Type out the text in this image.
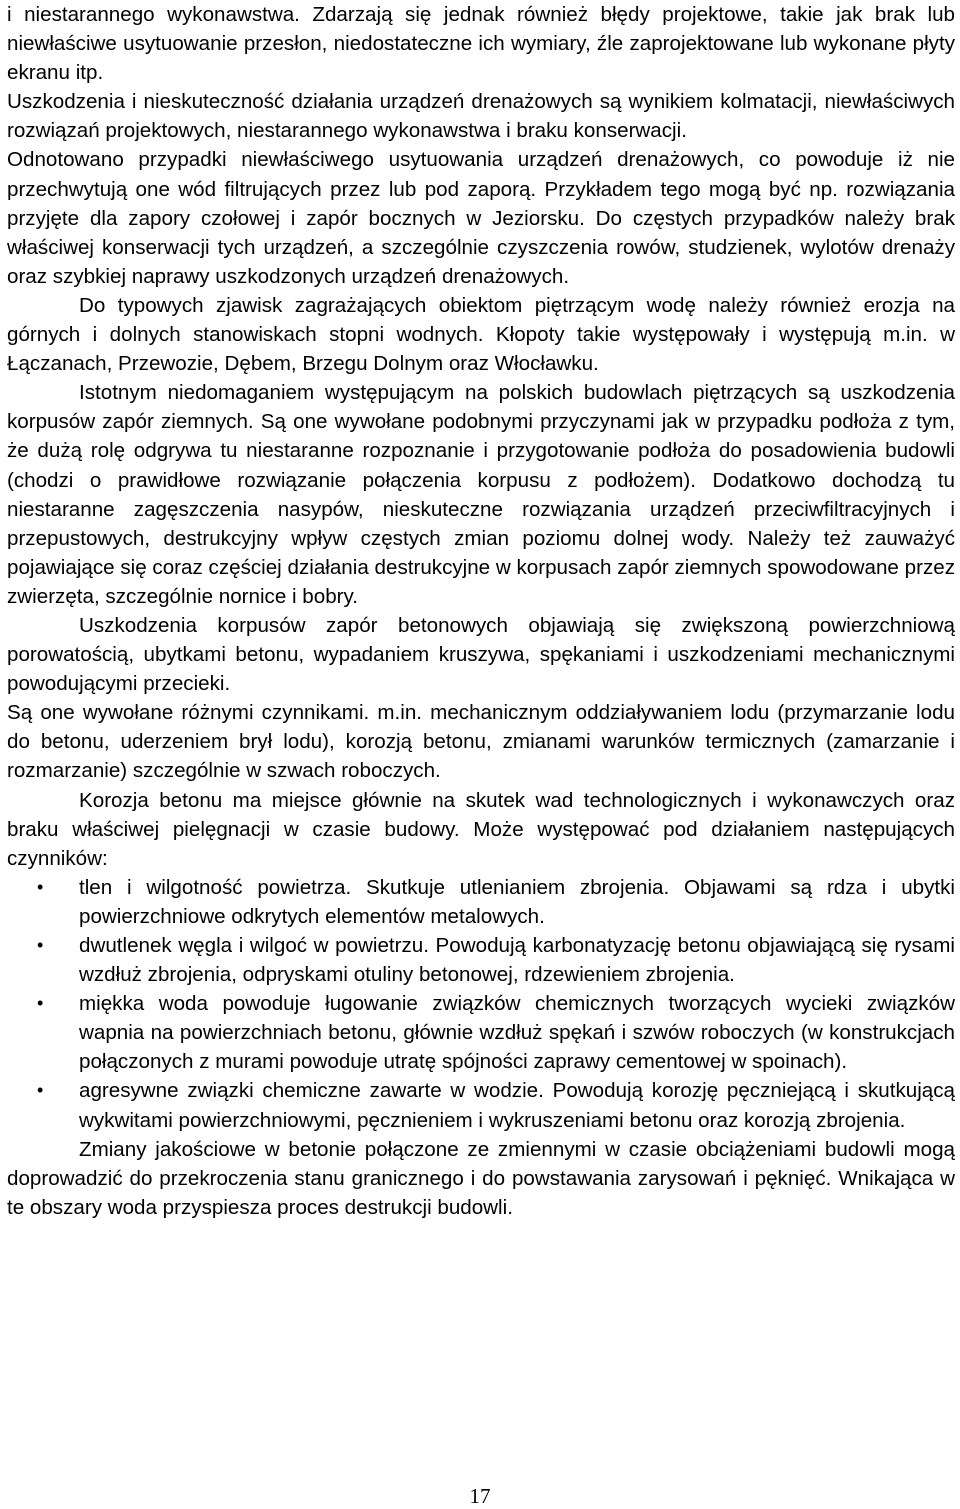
i niestarannego wykonawstwa. Zdarzają się jednak również błędy projektowe, takie jak brak lub niewłaściwe usytuowanie przesłon, niedostateczne ich wymiary, źle zaprojektowane lub wykonane płyty ekranu itp.

Uszkodzenia i nieskuteczność działania urządzeń drenażowych są wynikiem kolmatacji, niewłaściwych rozwiązań projektowych, niestarannego wykonawstwa i braku konserwacji.

Odnotowano przypadki niewłaściwego usytuowania urządzeń drenażowych, co powoduje iż nie przechwytują one wód filtrujących przez lub pod zaporą. Przykładem tego mogą być np. rozwiązania przyjęte dla zapory czołowej i zapór bocznych w Jeziorsku. Do częstych przypadków należy brak właściwej konserwacji tych urządzeń, a szczególnie czyszczenia rowów, studzienek, wylotów drenaży oraz szybkiej naprawy uszkodzonych urządzeń drenażowych.

Do typowych zjawisk zagrażających obiektom piętrzącym wodę należy również erozja na górnych i dolnych stanowiskach stopni wodnych. Kłopoty takie występowały i występują m.in. w Łączanach, Przewozie, Dębem, Brzegu Dolnym oraz Włocławku.

Istotnym niedomaganiem występującym na polskich budowlach piętrzących są uszkodzenia korpusów zapór ziemnych. Są one wywołane podobnymi przyczynami jak w przypadku podłoża z tym, że dużą rolę odgrywa tu niestaranne rozpoznanie i przygotowanie podłoża do posadowienia budowli (chodzi o prawidłowe rozwiązanie połączenia korpusu z podłożem). Dodatkowo dochodzą tu niestaranne zagęszczenia nasypów, nieskuteczne rozwiązania urządzeń przeciwfiltracyjnych i przepustowych, destrukcyjny wpływ częstych zmian poziomu dolnej wody. Należy też zauważyć pojawiające się coraz częściej działania destrukcyjne w korpusach zapór ziemnych spowodowane przez zwierzęta, szczególnie nornice i bobry.

Uszkodzenia korpusów zapór betonowych objawiają się zwiększoną powierzchniową porowatością, ubytkami betonu, wypadaniem kruszywa, spękaniami i uszkodzeniami mechanicznymi powodującymi przecieki.

Są one wywołane różnymi czynnikami. m.in. mechanicznym oddziaływaniem lodu (przymarzanie lodu do betonu, uderzeniem brył lodu), korozją betonu, zmianami warunków termicznych (zamarzanie i rozmarzanie) szczególnie w szwach roboczych.

Korozja betonu ma miejsce głównie na skutek wad technologicznych i wykonawczych oraz braku właściwej pielęgnacji w czasie budowy. Może występować pod działaniem następujących czynników:

•	tlen i wilgotność powietrza. Skutkuje utlenianiem zbrojenia. Objawami są rdza i ubytki powierzchniowe odkrytych elementów metalowych.
•	dwutlenek węgla i wilgoć w powietrzu. Powodują karbonatyzację betonu objawiającą się rysami wzdłuż zbrojenia, odpryskami otuliny betonowej, rdzewieniem zbrojenia.
•	miękka woda powoduje ługowanie związków chemicznych tworzących wycieki związków wapnia na powierzchniach betonu, głównie wzdłuż spękań i szwów roboczych (w konstrukcjach połączonych z murami powoduje utratę spójności zaprawy cementowej w spoinach).
•	agresywne związki chemiczne zawarte w wodzie. Powodują korozję pęczniejącą i skutkującą wykwitami powierzchniowymi, pęcznieniem i wykruszeniami betonu oraz korozją zbrojenia.

Zmiany jakościowe w betonie połączone ze zmiennymi w czasie obciążeniami budowli mogą doprowadzić do przekroczenia stanu granicznego i do powstawania zarysowań i pęknięć. Wnikająca w te obszary woda przyspiesza proces destrukcji budowli.

17
